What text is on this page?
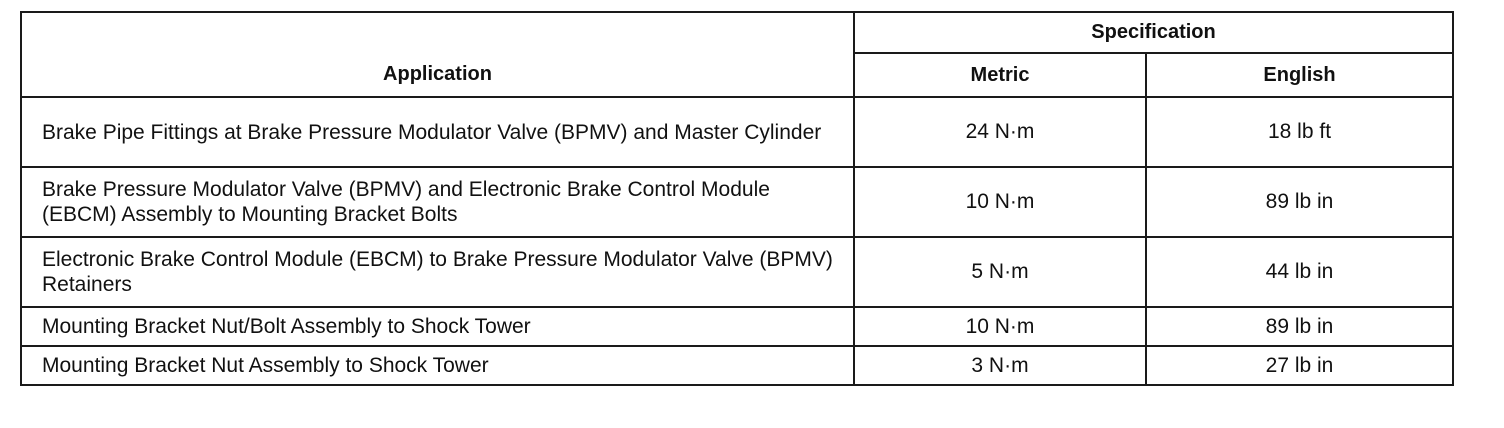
Application	Specification	
	Metric	English
Brake Pipe Fittings at Brake Pressure Modulator Valve (BPMV) and Master Cylinder	24 N·m	18 lb ft
Brake Pressure Modulator Valve (BPMV) and Electronic Brake Control Module (EBCM) Assembly to Mounting Bracket Bolts	10 N·m	89 lb in
Electronic Brake Control Module (EBCM) to Brake Pressure Modulator Valve (BPMV) Retainers	5 N·m	44 lb in
Mounting Bracket Nut/Bolt Assembly to Shock Tower	10 N·m	89 lb in
Mounting Bracket Nut Assembly to Shock Tower	3 N·m	27 lb in
